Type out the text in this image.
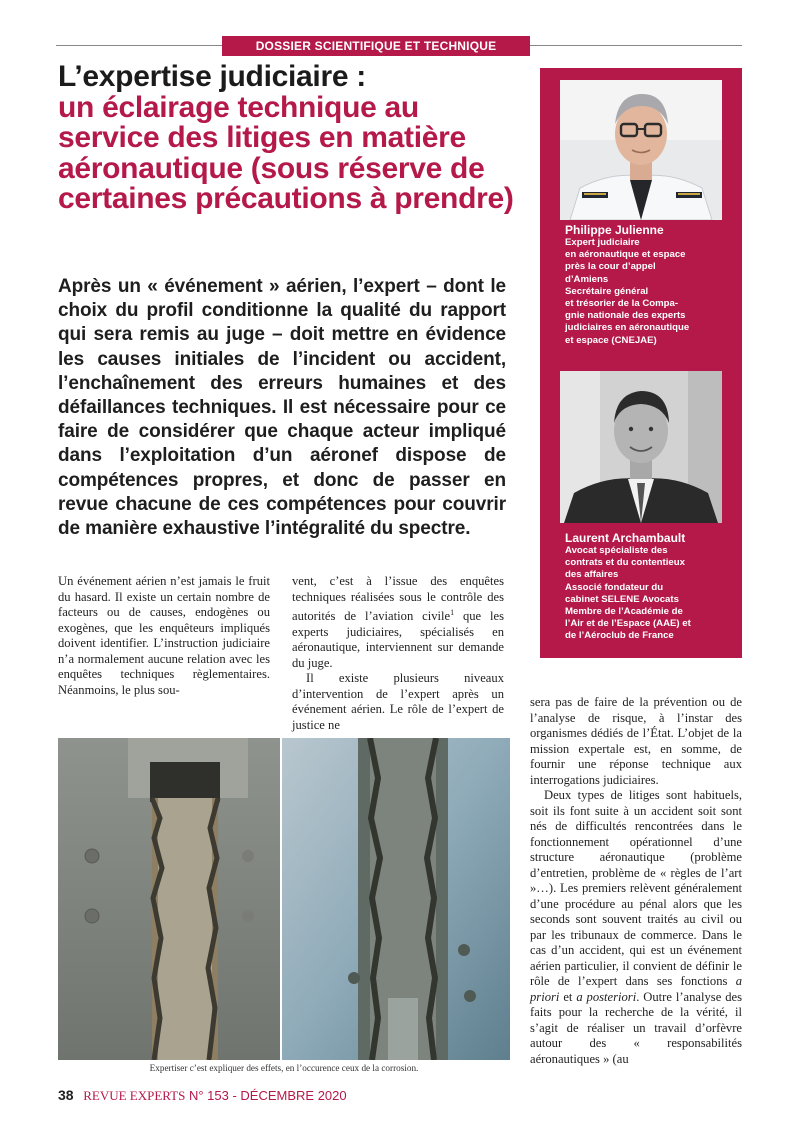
DOSSIER SCIENTIFIQUE ET TECHNIQUE
L’expertise judiciaire :
un éclairage technique au service des litiges en matière aéronautique (sous réserve de certaines précautions à prendre)

Après un « événement » aérien, l’expert – dont le choix du profil conditionne la qualité du rapport qui sera remis au juge – doit mettre en évidence les causes initiales de l’incident ou accident, l’enchaînement des erreurs humaines et des défaillances techniques. Il est nécessaire pour ce faire de considérer que chaque acteur impliqué dans l’exploitation d’un aéronef dispose de compétences propres, et donc de passer en revue chacune de ces compétences pour couvrir de manière exhaustive l’intégralité du spectre.

Philippe Julienne
Expert judiciaire
en aéronautique et espace
près la cour d’appel
d’Amiens
Secrétaire général
et trésorier de la Compa-
gnie nationale des experts
judiciaires en aéronautique
et espace (CNEJAE)
Laurent Archambault
Avocat spécialiste des
contrats et du contentieux
des affaires
Associé fondateur du
cabinet SELENE Avocats
Membre de l’Académie de
l’Air et de l’Espace (AAE) et
de l’Aéroclub de France

Un événement aérien n’est jamais le fruit du hasard. Il existe un certain nombre de facteurs ou de causes, endogènes ou exogènes, que les enquêteurs impliqués doivent identifier. L’instruction judiciaire n’a normalement aucune relation avec les enquêtes techniques règlementaires. Néanmoins, le plus sou-

vent, c’est à l’issue des enquêtes techniques réalisées sous le contrôle des autorités de l’aviation civile$^1$ que les experts judiciaires, spécialisés en aéronautique, interviennent sur demande du juge.

Il existe plusieurs niveaux d’intervention de l’expert après un événement aérien. Le rôle de l’expert de justice ne

sera pas de faire de la prévention ou de l’analyse de risque, à l’instar des organismes dédiés de l’État. L’objet de la mission expertale est, en somme, de fournir une réponse technique aux interrogations judiciaires.

Deux types de litiges sont habituels, soit ils font suite à un accident soit sont nés de difficultés rencontrées dans le fonctionnement opérationnel d’une structure aéronautique (problème d’entretien, problème de « règles de l’art »…). Les premiers relèvent généralement d’une procédure au pénal alors que les seconds sont souvent traités au civil ou par les tribunaux de commerce. Dans le cas d’un accident, qui est un événement aérien particulier, il convient de définir le rôle de l’expert dans ses fonctions a priori et a posteriori. Outre l’analyse des faits pour la recherche de la vérité, il s’agit de réaliser un travail d’orfèvre autour des « responsabilités aéronautiques » (au

Expertiser c’est expliquer des effets, en l’occurence ceux de la corrosion.
38 REVUE EXPERTS N° 153 - DÉCEMBRE 2020
